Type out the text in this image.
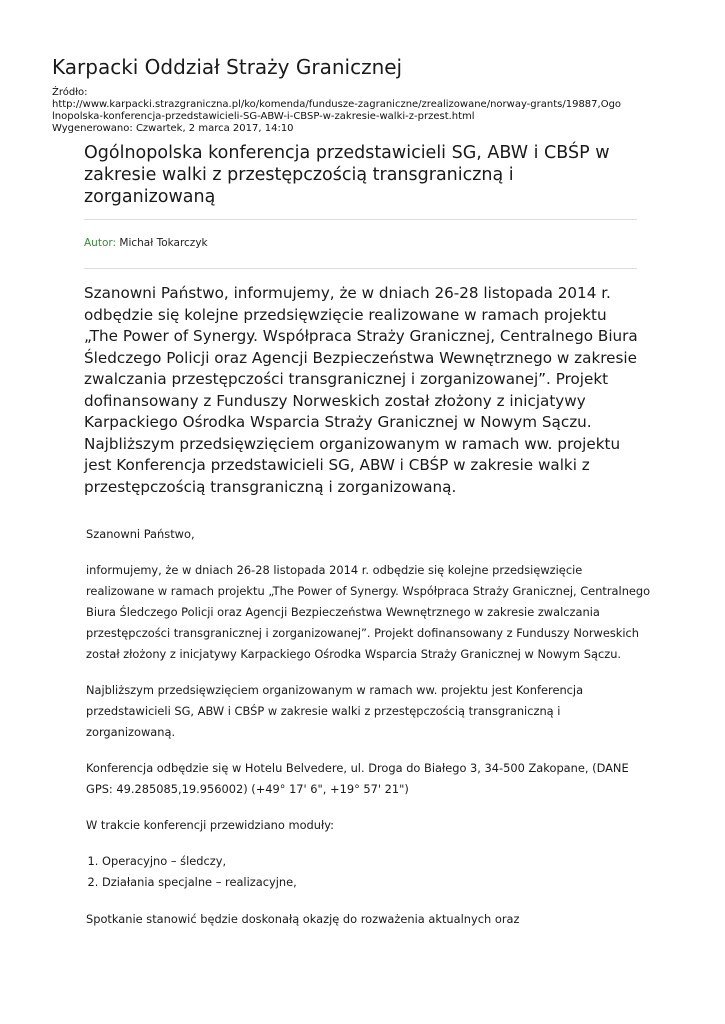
Karpacki Oddział Straży Granicznej
Źródło:
http://www.karpacki.strazgraniczna.pl/ko/komenda/fundusze-zagraniczne/zrealizowane/norway-grants/19887,Ogo
lnopolska-konferencja-przedstawicieli-SG-ABW-i-CBSP-w-zakresie-walki-z-przest.html
Wygenerowano: Czwartek, 2 marca 2017, 14:10
Ogólnopolska konferencja przedstawicieli SG, ABW i CBŚP w zakresie walki z przestępczością transgraniczną i zorganizowaną
Autor: Michał Tokarczyk
Szanowni Państwo, informujemy, że w dniach 26-28 listopada 2014 r. odbędzie się kolejne przedsięwzięcie realizowane w ramach projektu „The Power of Synergy. Współpraca Straży Granicznej, Centralnego Biura Śledczego Policji oraz Agencji Bezpieczeństwa Wewnętrznego w zakresie zwalczania przestępczości transgranicznej i zorganizowanej”. Projekt dofinansowany z Funduszy Norweskich został złożony z inicjatywy Karpackiego Ośrodka Wsparcia Straży Granicznej w Nowym Sączu. Najbliższym przedsięwzięciem organizowanym w ramach ww. projektu jest Konferencja przedstawicieli SG, ABW i CBŚP w zakresie walki z przestępczością transgraniczną i zorganizowaną.

Szanowni Państwo,

informujemy, że w dniach 26-28 listopada 2014 r. odbędzie się kolejne przedsięwzięcie realizowane w ramach projektu „The Power of Synergy. Współpraca Straży Granicznej, Centralnego Biura Śledczego Policji oraz Agencji Bezpieczeństwa Wewnętrznego w zakresie zwalczania przestępczości transgranicznej i zorganizowanej”. Projekt dofinansowany z Funduszy Norweskich został złożony z inicjatywy Karpackiego Ośrodka Wsparcia Straży Granicznej w Nowym Sączu.

Najbliższym przedsięwzięciem organizowanym w ramach ww. projektu jest Konferencja przedstawicieli SG, ABW i CBŚP w zakresie walki z przestępczością transgraniczną i zorganizowaną.

Konferencja odbędzie się w Hotelu Belvedere, ul. Droga do Białego 3, 34-500 Zakopane, (DANE GPS: 49.285085,19.956002) (+49° 17' 6", +19° 57' 21")

W trakcie konferencji przewidziano moduły:

1. Operacyjno – śledczy,
2. Działania specjalne – realizacyjne,

Spotkanie stanowić będzie doskonałą okazję do rozważenia aktualnych oraz
